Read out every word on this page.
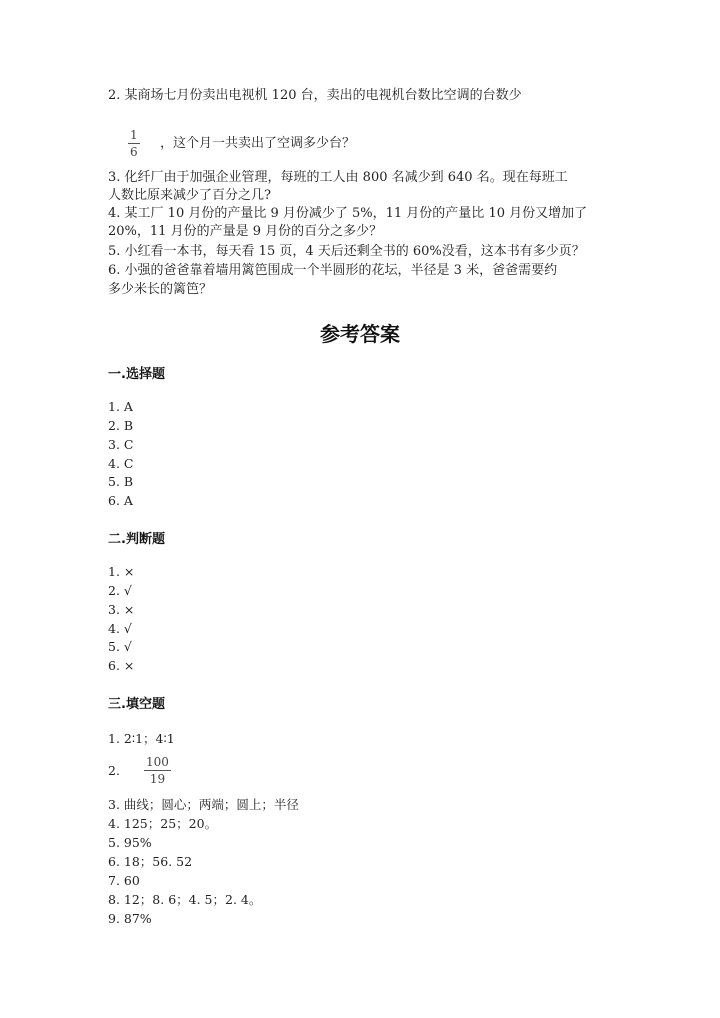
2. 某商场七月份卖出电视机 120 台，卖出的电视机台数比空调的台数少
1
6
，这个月一共卖出了空调多少台？
3. 化纤厂由于加强企业管理，每班的工人由 800 名减少到 640 名。现在每班工
人数比原来减少了百分之几?
4. 某工厂 10 月份的产量比 9 月份减少了 5%，11 月份的产量比 10 月份又增加了
20%，11 月份的产量是 9 月份的百分之多少？
5. 小红看一本书，每天看 15 页，4 天后还剩全书的 60%没看，这本书有多少页？
6. 小强的爸爸靠着墙用篱笆围成一个半圆形的花坛，半径是 3 米，爸爸需要约
多少米长的篱笆？
参考答案
一.选择题
1. A
2. B
3. C
4. C
5. B
6. A
二.判断题
1. ×
2. √
3. ×
4. √
5. √
6. ×
三.填空题
1. 2∶1；4∶1
2.
100
19
3. 曲线；圆心；两端；圆上；半径
4. 125；25；20。
5. 95%
6. 18；56. 52
7. 60
8. 12；8. 6；4. 5；2. 4。
9. 87%
